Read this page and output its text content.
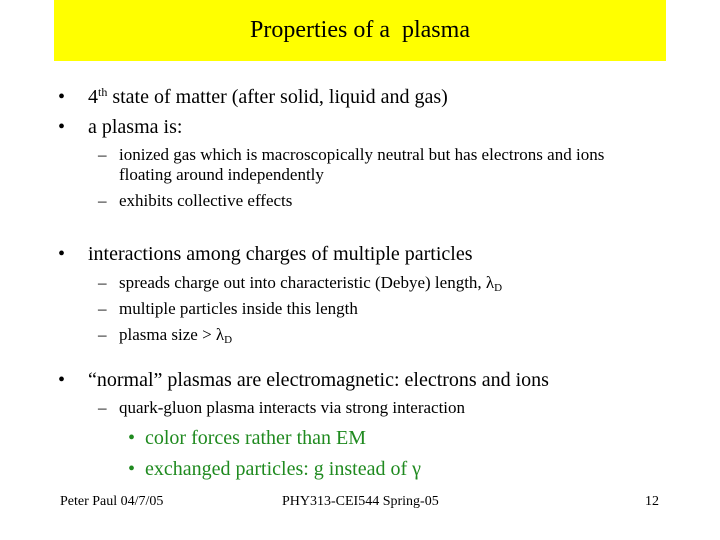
Properties of a  plasma
• 4th state of matter (after solid, liquid and gas)
• a plasma is:
– ionized gas which is macroscopically neutral but has electrons and ions
floating around independently
– exhibits collective effects
• interactions among charges of multiple particles
– spreads charge out into characteristic (Debye) length, $\lambda_D$
– multiple particles inside this length
– plasma size > $\lambda_D$
• “normal” plasmas are electromagnetic: electrons and ions
– quark-gluon plasma interacts via strong interaction
• color forces rather than EM
• exchanged particles: g instead of γ
Peter Paul 04/7/05	PHY313-CEI544 Spring-05	12
